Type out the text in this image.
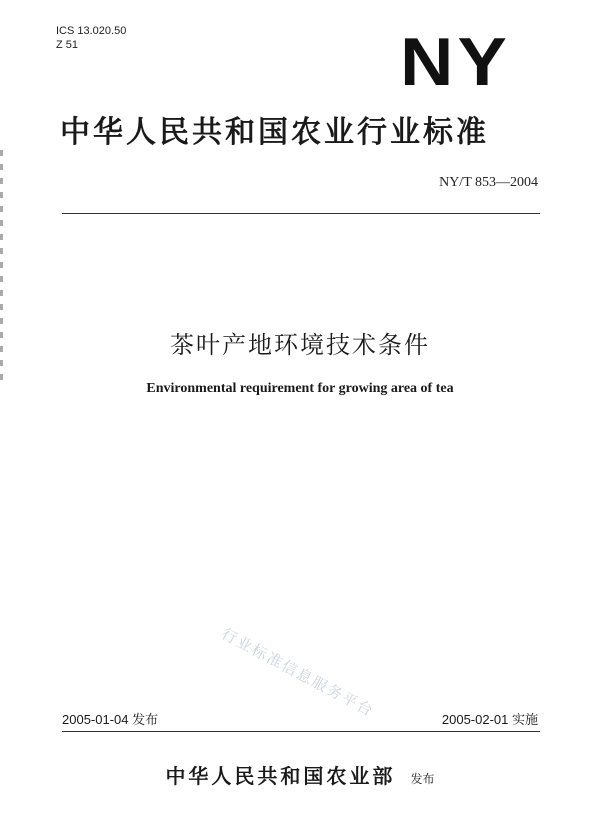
ICS 13.020.50
Z 51	NY
中华人民共和国农业行业标准
NY/T 853—2004
茶叶产地环境技术条件
Environmental requirement for growing area of tea
行业标准信息服务平台
2005-01-04 发布	2005-02-01 实施
中华人民共和国农业部 发布
